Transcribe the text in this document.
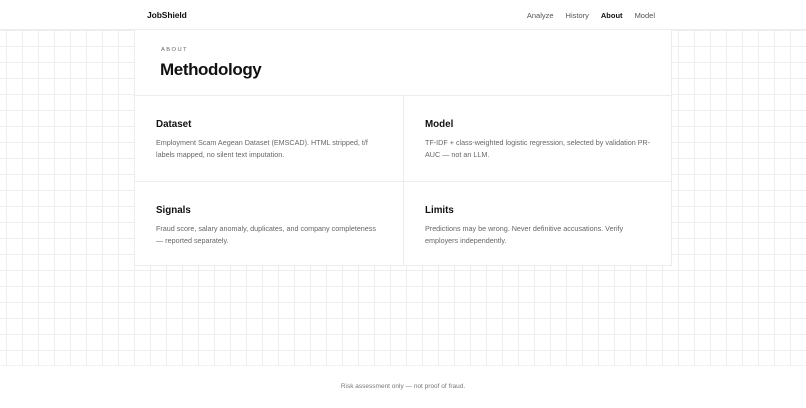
JobShield	Analyze History About Model
ABOUT
Methodology
Dataset

Employment Scam Aegean Dataset (EMSCAD). HTML stripped, t/f labels mapped, no silent text imputation.

Model

TF-IDF + class-weighted logistic regression, selected by validation PR-AUC — not an LLM.

Signals

Fraud score, salary anomaly, duplicates, and company completeness — reported separately.

Limits

Predictions may be wrong. Never definitive accusations. Verify employers independently.

Risk assessment only — not proof of fraud.
